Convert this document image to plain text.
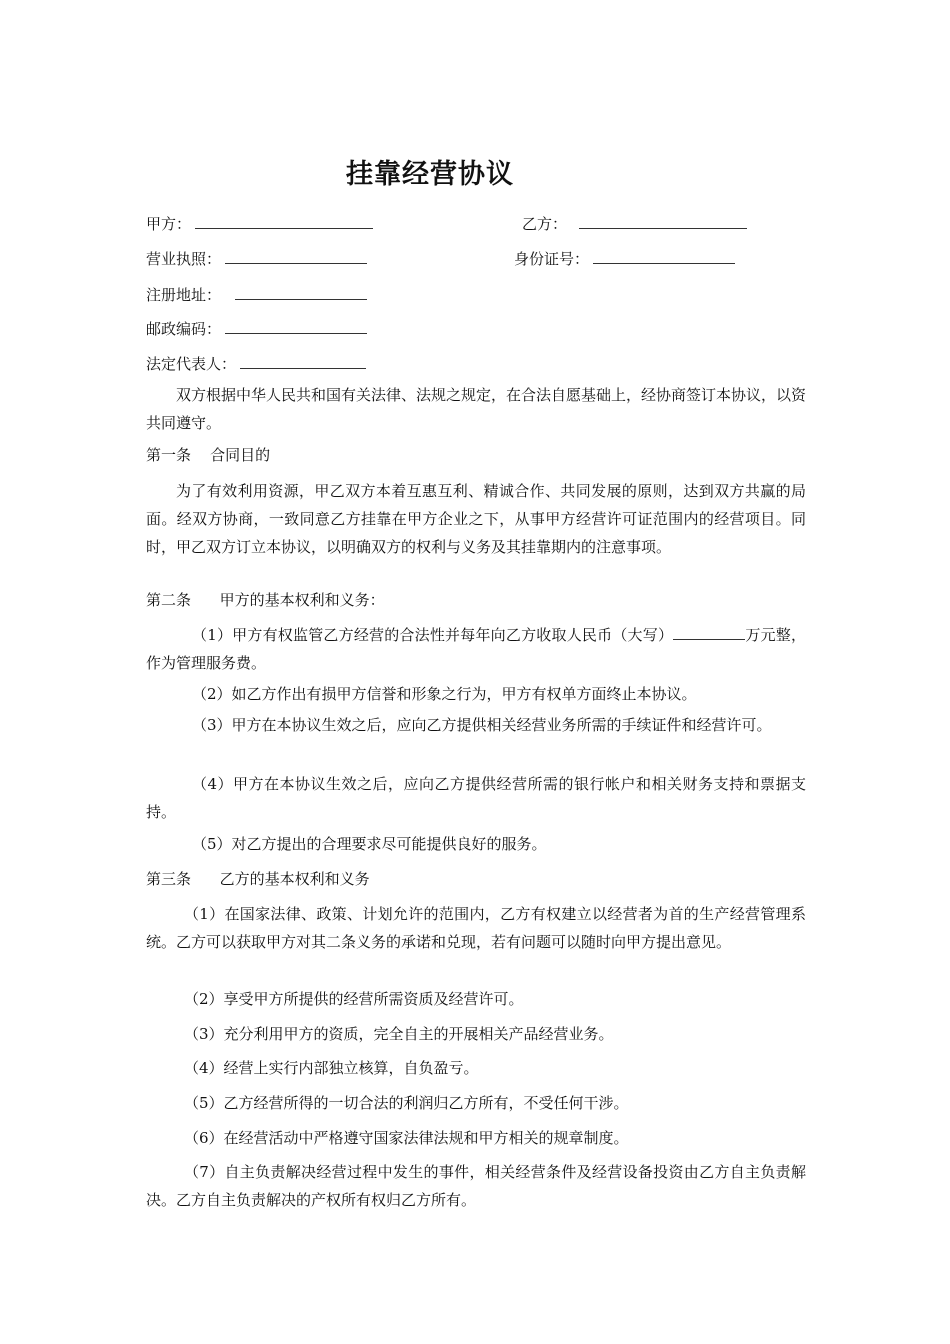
挂靠经营协议
甲方：	乙方：
营业执照：	身份证号：
注册地址：
邮政编码：
法定代表人：
双方根据中华人民共和国有关法律、法规之规定，在合法自愿基础上，经协商签订本协议，以资共同遵守。
第一条    合同目的
为了有效利用资源，甲乙双方本着互惠互利、精诚合作、共同发展的原则，达到双方共赢的局面。经双方协商，一致同意乙方挂靠在甲方企业之下，从事甲方经营许可证范围内的经营项目。同时，甲乙双方订立本协议，以明确双方的权利与义务及其挂靠期内的注意事项。
第二条      甲方的基本权利和义务：
（1）甲方有权监管乙方经营的合法性并每年向乙方收取人民币（大写）	万元整，作为管理服务费。
（2）如乙方作出有损甲方信誉和形象之行为，甲方有权单方面终止本协议。
（3）甲方在本协议生效之后，应向乙方提供相关经营业务所需的手续证件和经营许可。
（4）甲方在本协议生效之后，应向乙方提供经营所需的银行帐户和相关财务支持和票据支持。
（5）对乙方提出的合理要求尽可能提供良好的服务。
第三条      乙方的基本权利和义务
（1）在国家法律、政策、计划允许的范围内，乙方有权建立以经营者为首的生产经营管理系统。乙方可以获取甲方对其二条义务的承诺和兑现，若有问题可以随时向甲方提出意见。
（2）享受甲方所提供的经营所需资质及经营许可。
（3）充分利用甲方的资质，完全自主的开展相关产品经营业务。
（4）经营上实行内部独立核算，自负盈亏。
（5）乙方经营所得的一切合法的利润归乙方所有，不受任何干涉。
（6）在经营活动中严格遵守国家法律法规和甲方相关的规章制度。
（7）自主负责解决经营过程中发生的事件，相关经营条件及经营设备投资由乙方自主负责解决。乙方自主负责解决的产权所有权归乙方所有。
